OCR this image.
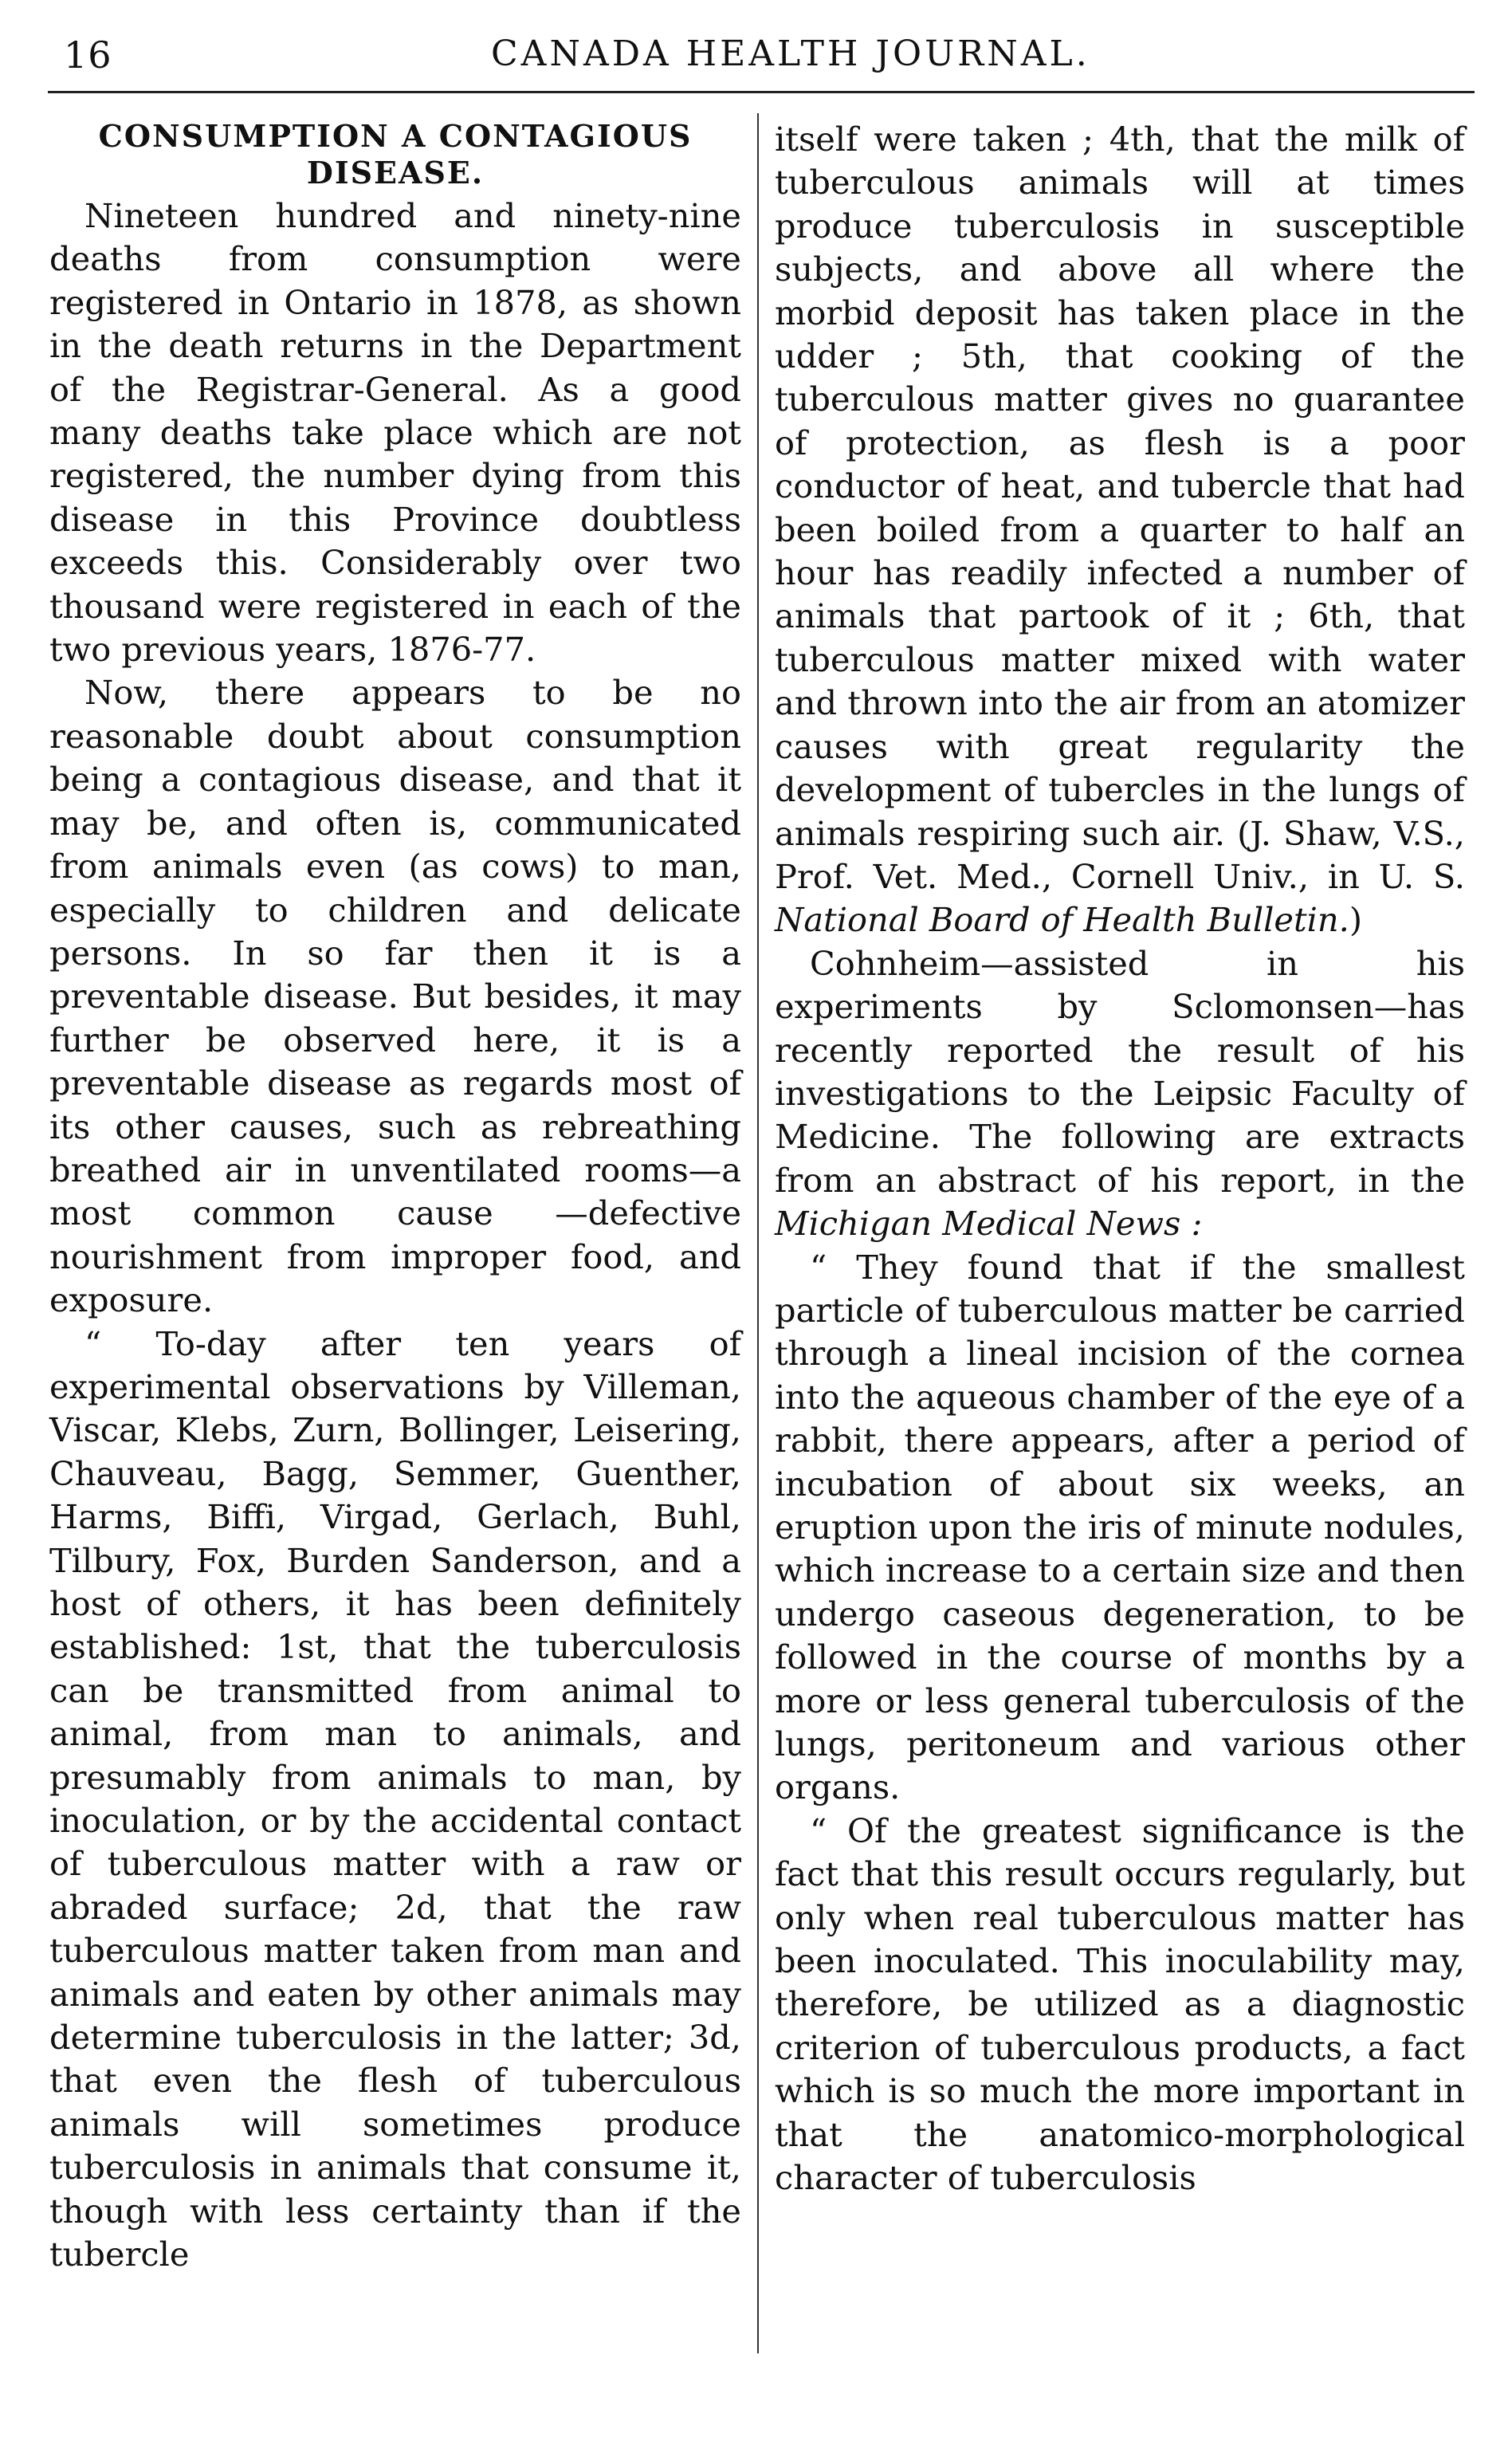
16	CANADA HEALTH JOURNAL.
CONSUMPTION A CONTAGIOUS DISEASE.

Nineteen hundred and ninety-nine deaths from consumption were registered in Ontario in 1878, as shown in the death returns in the Department of the Registrar-General. As a good many deaths take place which are not registered, the number dying from this disease in this Province doubtless exceeds this. Considerably over two thousand were registered in each of the two previous years, 1876-77.

Now, there appears to be no reasonable doubt about consumption being a contagious disease, and that it may be, and often is, communicated from animals even (as cows) to man, especially to children and delicate persons. In so far then it is a preventable disease. But besides, it may further be observed here, it is a preventable disease as regards most of its other causes, such as rebreathing breathed air in unventilated rooms—a most common cause —defective nourishment from improper food, and exposure.

“ To-day after ten years of experimental observations by Villeman, Viscar, Klebs, Zurn, Bollinger, Leisering, Chauveau, Bagg, Semmer, Guenther, Harms, Biffi, Virgad, Gerlach, Buhl, Tilbury, Fox, Burden Sanderson, and a host of others, it has been definitely established: 1st, that the tuberculosis can be transmitted from animal to animal, from man to animals, and presumably from animals to man, by inoculation, or by the accidental contact of tuberculous matter with a raw or abraded surface; 2d, that the raw tuberculous matter taken from man and animals and eaten by other animals may determine tuberculosis in the latter; 3d, that even the flesh of tuberculous animals will sometimes produce tuberculosis in animals that consume it, though with less certainty than if the tubercle

itself were taken ; 4th, that the milk of tuberculous animals will at times produce tuberculosis in susceptible subjects, and above all where the morbid deposit has taken place in the udder ; 5th, that cooking of the tuberculous matter gives no guarantee of protection, as flesh is a poor conductor of heat, and tubercle that had been boiled from a quarter to half an hour has readily infected a number of animals that partook of it ; 6th, that tuberculous matter mixed with water and thrown into the air from an atomizer causes with great regularity the development of tubercles in the lungs of animals respiring such air. (J. Shaw, V.S., Prof. Vet. Med., Cornell Univ., in U. S. National Board of Health Bulletin.)

Cohnheim—assisted in his experiments by Sclomonsen—has recently reported the result of his investigations to the Leipsic Faculty of Medicine. The following are extracts from an abstract of his report, in the Michigan Medical News :

“ They found that if the smallest particle of tuberculous matter be carried through a lineal incision of the cornea into the aqueous chamber of the eye of a rabbit, there appears, after a period of incubation of about six weeks, an eruption upon the iris of minute nodules, which increase to a certain size and then undergo caseous degeneration, to be followed in the course of months by a more or less general tuberculosis of the lungs, peritoneum and various other organs.

“ Of the greatest significance is the fact that this result occurs regularly, but only when real tuberculous matter has been inoculated. This inoculability may, therefore, be utilized as a diagnostic criterion of tuberculous products, a fact which is so much the more important in that the anatomico-morphological character of tuberculosis
